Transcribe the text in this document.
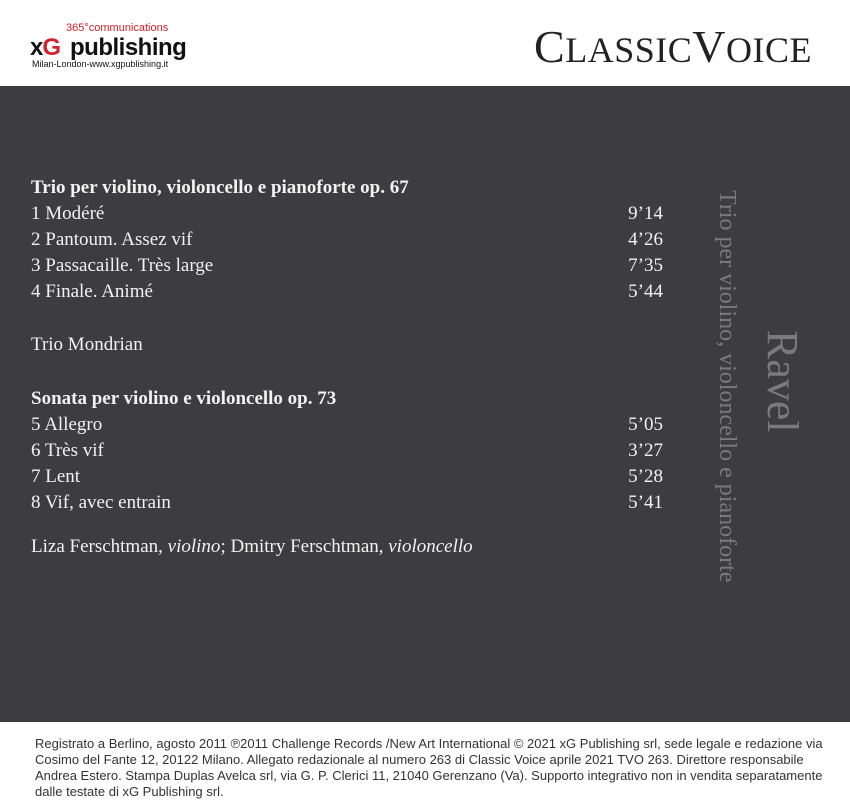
365°communications
xG publishing
Milan-London-www.xgpublishing.it	CLASSICVOICE
Trio per violino, violoncello e pianoforte op. 67
1 Modéré	9’14
2 Pantoum. Assez vif	4’26
3 Passacaille. Très large	7’35
4 Finale. Animé	5’44
Trio Mondrian
Sonata per violino e violoncello op. 73
5 Allegro	5’05
6 Très vif	3’27
7 Lent	5’28
8 Vif, avec entrain	5’41
Liza Ferschtman, violino; Dmitry Ferschtman, violoncello
Ravel
Trio per violino, violoncello e pianoforte

Registrato a Berlino, agosto 2011 ℗2011 Challenge Records /New Art International © 2021 xG Publishing srl, sede legale e redazione via Cosimo del Fante 12, 20122 Milano. Allegato redazionale al numero 263 di Classic Voice aprile 2021 TVO 263. Direttore responsabile Andrea Estero. Stampa Duplas Avelca srl, via G. P. Clerici 11, 21040 Gerenzano (Va). Supporto integrativo non in vendita separatamente dalle testate di xG Publishing srl.
